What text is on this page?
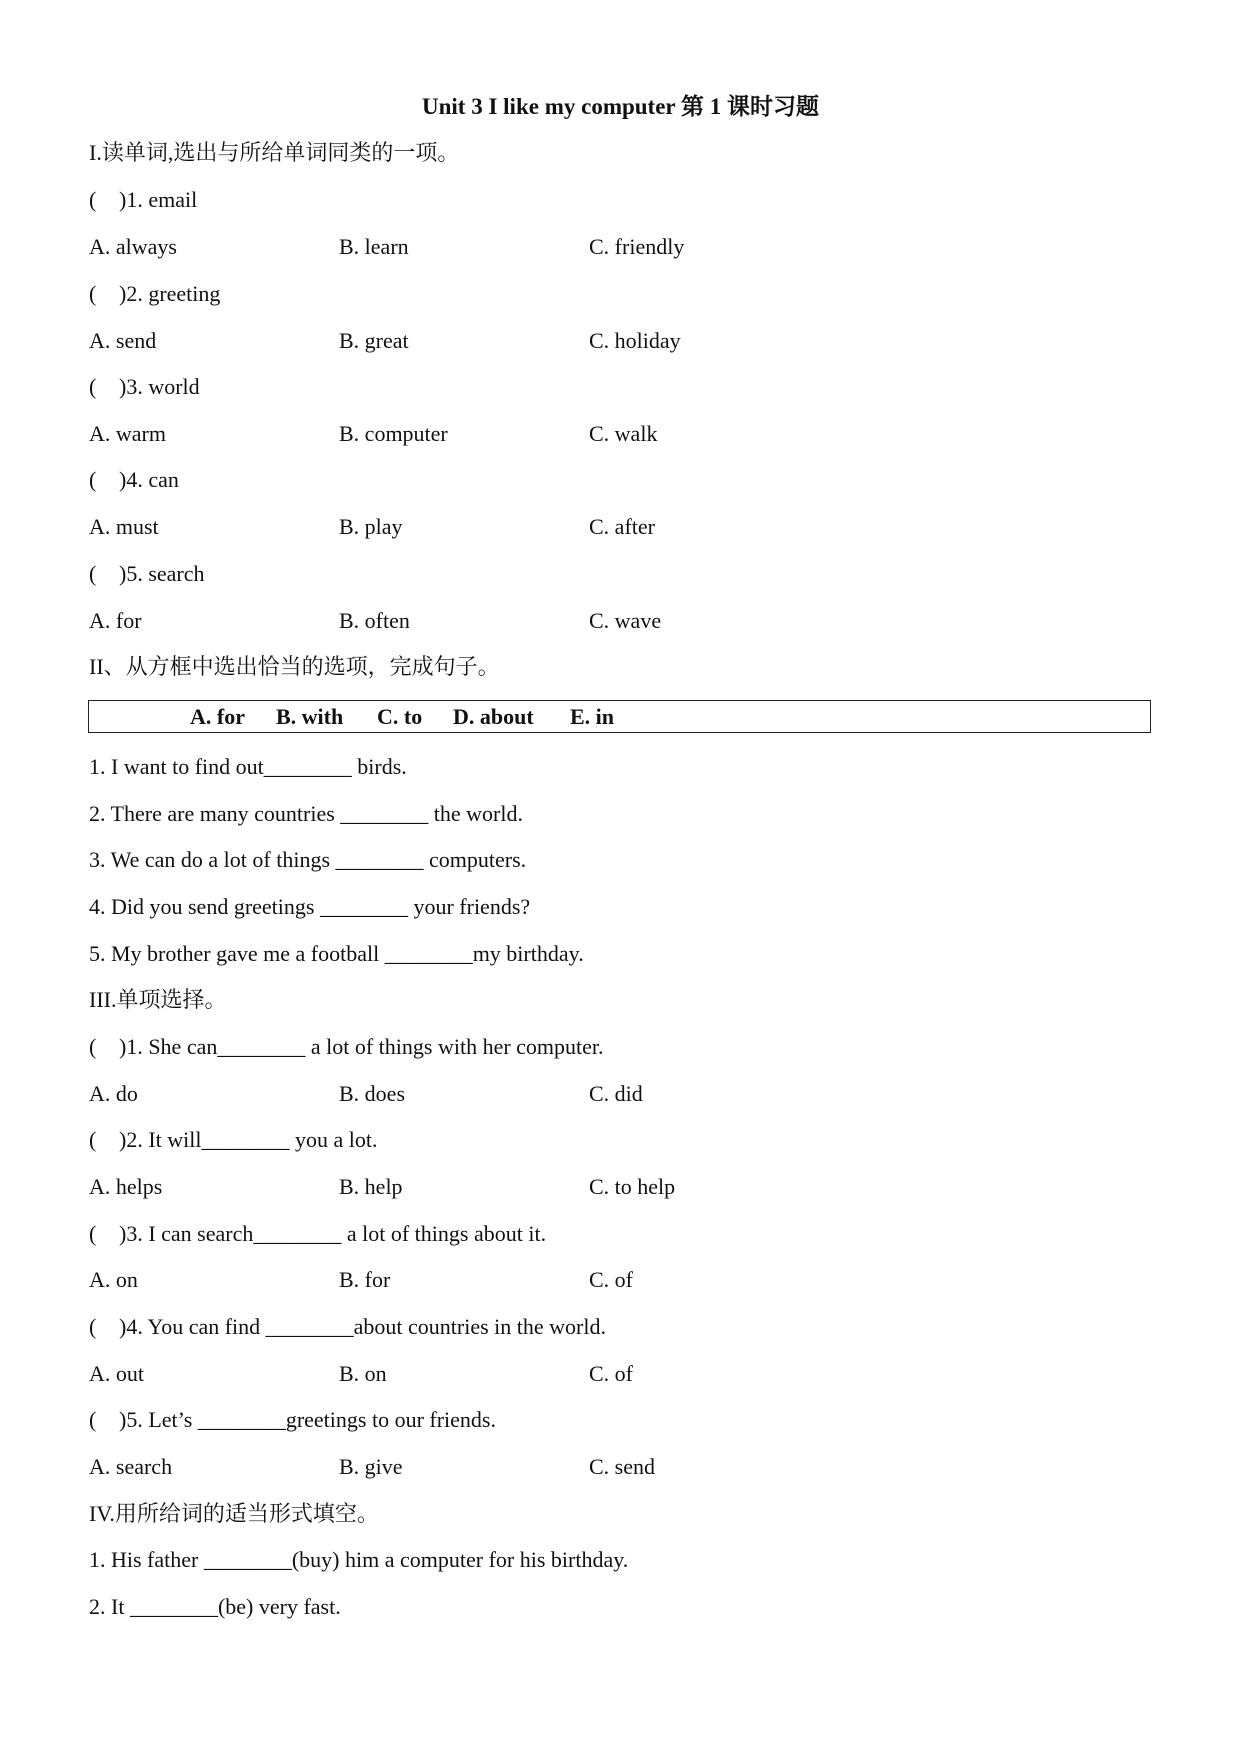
Unit 3 I like my computer 第 1 课时习题
I.读单词,选出与所给单词同类的一项。
( )1. email
A. always	B. learn	C. friendly
( )2. greeting
A. send	B. great	C. holiday
( )3. world
A. warm	B. computer	C. walk
( )4. can
A. must	B. play	C. after
( )5. search
A. for	B. often	C. wave
II、从方框中选出恰当的选项，完成句子。
A. for B. with C. to D. about E. in
1. I want to find out________ birds.
2. There are many countries ________ the world.
3. We can do a lot of things ________ computers.
4. Did you send greetings ________ your friends?
5. My brother gave me a football ________my birthday.
III.单项选择。
( )1. She can________ a lot of things with her computer.
A. do	B. does	C. did
( )2. It will________ you a lot.
A. helps	B. help	C. to help
( )3. I can search________ a lot of things about it.
A. on	B. for	C. of
( )4. You can find ________about countries in the world.
A. out	B. on	C. of
( )5. Let’s ________greetings to our friends.
A. search	B. give	C. send
IV.用所给词的适当形式填空。
1. His father ________(buy) him a computer for his birthday.
2. It ________(be) very fast.
